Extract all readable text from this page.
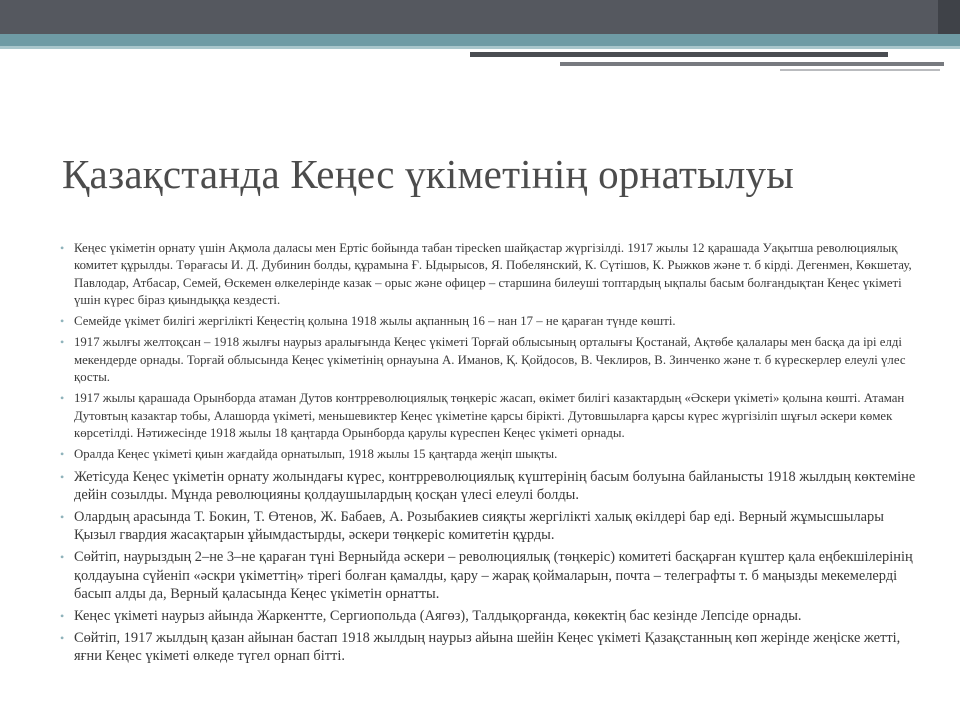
Қазақстанда Кеңес үкіметінің орнатылуы
• Кеңес үкіметін орнату үшін Ақмола даласы мен Ертіс бойында табан тіресken шайқастар жүргізілді. 1917 жылы 12 қарашада Уақытша революциялық комитет құрылды. Төрағасы И. Д. Дубинин болды, құрамына Ғ. Ыдырысов, Я. Побелянский, К. Сүтішов, К. Рыжков және т. б кірді. Дегенмен, Көкшетау, Павлодар, Атбасар, Семей, Өскемен өлкелерінде казак – орыс және офицер – старшина билеуші топтардың ықпалы басым болғандықтан Кеңес үкіметі үшін күрес біраз қиындыққа кездесті.
• Семейде үкімет билігі жергілікті Кеңестің қолына 1918 жылы ақпанның 16 – нан 17 – не қараған түнде көшті.
• 1917 жылғы желтоқсан – 1918 жылғы наурыз аралығында Кеңес үкіметі Торғай облысының орталығы Қостанай, Ақтөбе қалалары мен басқа да ірі елді мекендерде орнады. Торғай облысында Кеңес үкіметінің орнауына А. Иманов, Қ. Қойдосов, В. Чеклиров, В. Зинченко және т. б күрескерлер елеулі үлес қосты.
• 1917 жылы қарашада Орынборда атаман Дутов контрреволюциялық төңкеріс жасап, өкімет билігі казактардың «Әскери үкіметі» қолына көшті. Атаман Дутовтың казактар тобы, Алашорда үкіметі, меньшевиктер Кеңес үкіметіне қарсы бірікті. Дутовшыларға қарсы күрес жүргізіліп шұғыл әскери көмек көрсетілді. Нәтижесінде 1918 жылы 18 қаңтарда Орынборда қарулы күреспен Кеңес үкіметі орнады.
• Оралда Кеңес үкіметі қиын жағдайда орнатылып, 1918 жылы 15 қаңтарда жеңіп шықты.
• Жетісуда Кеңес үкіметін орнату жолындағы күрес, контрреволюциялық күштерінің басым болуына байланысты 1918 жылдың көктеміне дейін созылды. Мұнда революцияны қолдаушылардың қосқан үлесі елеулі болды.
• Олардың арасында Т. Бокин, Т. Өтенов, Ж. Бабаев, А. Розыбакиев сияқты жергілікті халық өкілдері бар еді. Верный жұмысшылары Қызыл гвардия жасақтарын ұйымдастырды, әскери төңкеріс комитетін құрды.
• Сөйтіп, наурыздың 2–не 3–не қараған түні Верныйда әскери – революциялық (төңкеріс) комитеті басқарған күштер қала еңбекшілерінің қолдауына сүйеніп «әскри үкіметтің» тірегі болған қамалды, қару – жарақ қоймаларын, почта – телеграфты т. б маңызды мекемелерді басып алды да, Верный қаласында Кеңес үкіметін орнатты.
• Кеңес үкіметі наурыз айында Жаркентте, Сергиопольда (Аягөз), Талдықорғанда, көкектің бас кезінде Лепсіде орнады.
• Сөйтіп, 1917 жылдың қазан айынан бастап 1918 жылдың наурыз айына шейін Кеңес үкіметі Қазақстанның көп жерінде жеңіске жетті, яғни Кеңес үкіметі өлкеде түгел орнап бітті.
